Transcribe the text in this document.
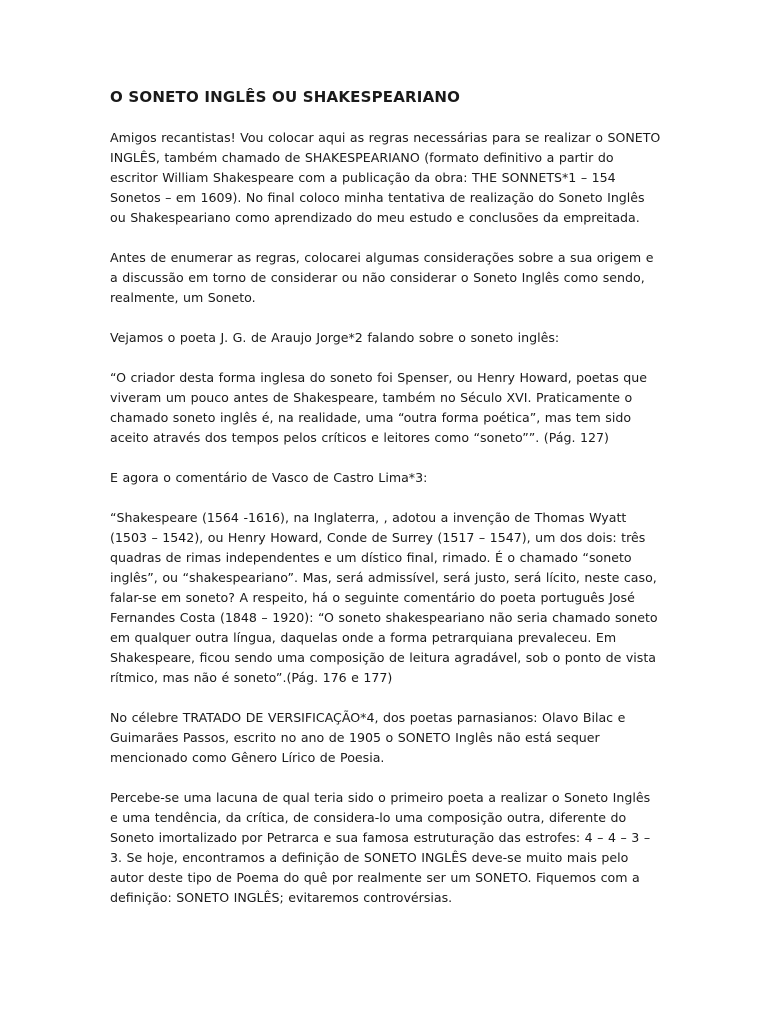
O SONETO INGLÊS OU SHAKESPEARIANO

Amigos recantistas! Vou colocar aqui as regras necessárias para se realizar o SONETO INGLÊS, também chamado de SHAKESPEARIANO (formato definitivo a partir do escritor William Shakespeare com a publicação da obra: THE SONNETS*1 – 154 Sonetos – em 1609). No final coloco minha tentativa de realização do Soneto Inglês ou Shakespeariano como aprendizado do meu estudo e conclusões da empreitada.

Antes de enumerar as regras, colocarei algumas considerações sobre a sua origem e a discussão em torno de considerar ou não considerar o Soneto Inglês como sendo, realmente, um Soneto.

Vejamos o poeta J. G. de Araujo Jorge*2 falando sobre o soneto inglês:

“O criador desta forma inglesa do soneto foi Spenser, ou Henry Howard, poetas que viveram um pouco antes de Shakespeare, também no Século XVI. Praticamente o chamado soneto inglês é, na realidade, uma “outra forma poética”, mas tem sido aceito através dos tempos pelos críticos e leitores como “soneto””. (Pág. 127)

E agora o comentário de Vasco de Castro Lima*3:

“Shakespeare (1564 -1616), na Inglaterra, , adotou a invenção de Thomas Wyatt (1503 – 1542), ou Henry Howard, Conde de Surrey (1517 – 1547), um dos dois: três quadras de rimas independentes e um dístico final, rimado. É o chamado “soneto inglês”, ou “shakespeariano”. Mas, será admissível, será justo, será lícito, neste caso, falar-se em soneto? A respeito, há o seguinte comentário do poeta português José Fernandes Costa (1848 – 1920): “O soneto shakespeariano não seria chamado soneto em qualquer outra língua, daquelas onde a forma petrarquiana prevaleceu. Em Shakespeare, ficou sendo uma composição de leitura agradável, sob o ponto de vista rítmico, mas não é soneto”.(Pág. 176 e 177)

No célebre TRATADO DE VERSIFICAÇÃO*4, dos poetas parnasianos: Olavo Bilac e Guimarães Passos, escrito no ano de 1905 o SONETO Inglês não está sequer mencionado como Gênero Lírico de Poesia.

Percebe-se uma lacuna de qual teria sido o primeiro poeta a realizar o Soneto Inglês e uma tendência, da crítica, de considera-lo uma composição outra, diferente do Soneto imortalizado por Petrarca e sua famosa estruturação das estrofes: 4 – 4 – 3 – 3. Se hoje, encontramos a definição de SONETO INGLÊS deve-se muito mais pelo autor deste tipo de Poema do quê por realmente ser um SONETO. Fiquemos com a definição: SONETO INGLÊS; evitaremos controvérsias.
